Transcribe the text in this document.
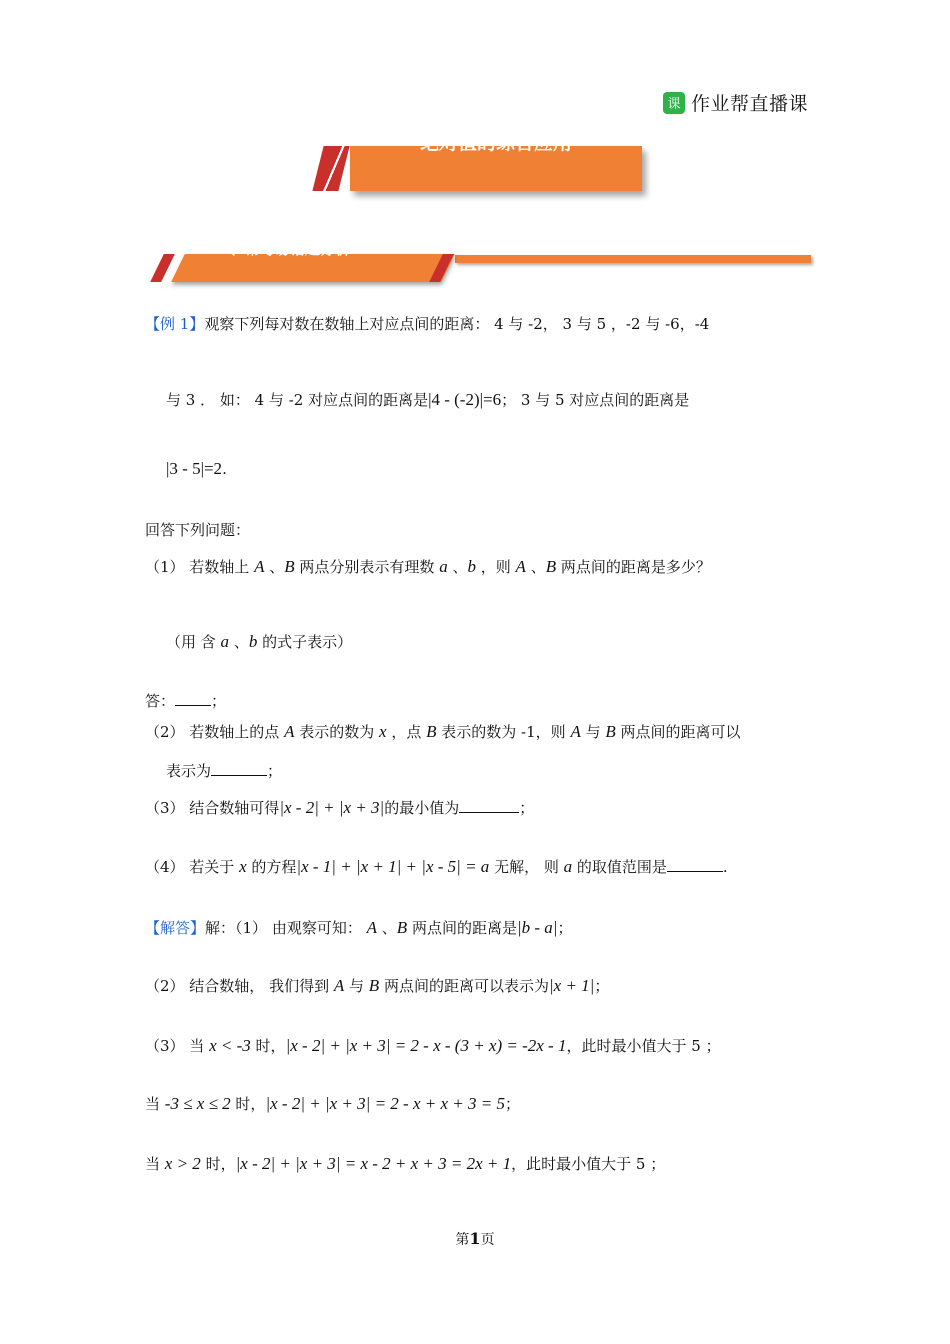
课 作业帮直播课
绝对值的综合应用
一、常考易错题分析
【例 1】观察下列每对数在数轴上对应点间的距离： 4 与 -2， 3 与 5 ，-2 与 -6，-4
与 3 ． 如： 4 与 -2 对应点间的距离是|4 - (-2)|=6； 3 与 5 对应点间的距离是
|3 - 5|=2.
回答下列问题：
（1） 若数轴上 A 、B 两点分别表示有理数 a 、b ，则 A 、B 两点间的距离是多少？
（用 含 a 、b 的式子表示）
答： ；
（2） 若数轴上的点 A 表示的数为 x ，点 B 表示的数为 -1，则 A 与 B 两点间的距离可以
表示为	；
（3） 结合数轴可得|x - 2| + |x + 3|的最小值为	；
（4） 若关于 x 的方程|x - 1| + |x + 1| + |x - 5| = a 无解， 则 a 的取值范围是	.
【解答】解：（1） 由观察可知： A 、B 两点间的距离是|b - a|；
（2） 结合数轴， 我们得到 A 与 B 两点间的距离可以表示为|x + 1|；
（3） 当 x < -3 时，|x - 2| + |x + 3| = 2 - x - (3 + x) = -2x - 1，此时最小值大于 5 ；
当 -3 ≤ x ≤ 2 时，|x - 2| + |x + 3| = 2 - x + x + 3 = 5；
当 x > 2 时，|x - 2| + |x + 3| = x - 2 + x + 3 = 2x + 1，此时最小值大于 5 ；
第1页
